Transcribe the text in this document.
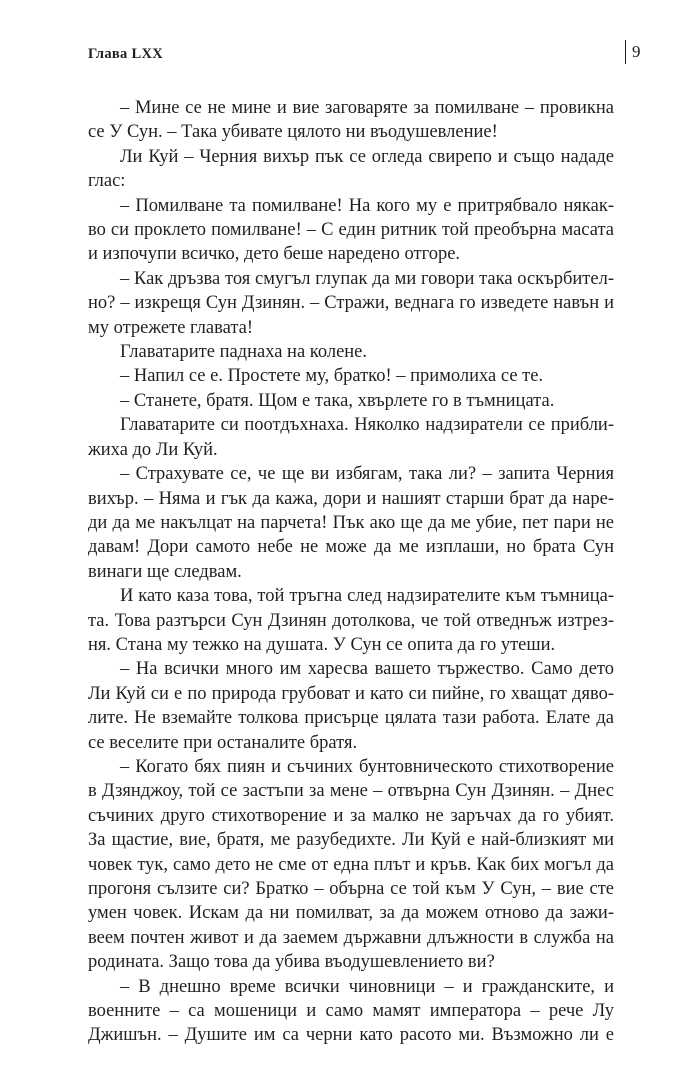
Глава LXX	9
– Мине се не мине и вие заговаряте за помилване – провикна
се У Сун. – Така убивате цялото ни въодушевление!
Ли Куй – Черния вихър пък се огледа свирепо и също нададе
глас:
– Помилване та помилване! На кого му е притрябвало някак-
во си проклето помилване! – С един ритник той преобърна масата
и изпочупи всичко, дето беше наредено отгоре.
– Как дръзва тоя смугъл глупак да ми говори така оскърбител-
но? – изкрещя Сун Дзинян. – Стражи, веднага го изведете навън и
му отрежете главата!
Главатарите паднаха на колене.
– Напил се е. Простете му, братко! – примолиха се те.
– Станете, братя. Щом е така, хвърлете го в тъмницата.
Главатарите си поотдъхнаха. Няколко надзиратели се прибли-
жиха до Ли Куй.
– Страхувате се, че ще ви избягам, така ли? – запита Черния
вихър. – Няма и гък да кажа, дори и нашият старши брат да наре-
ди да ме накълцат на парчета! Пък ако ще да ме убие, пет пари не
давам! Дори самото небе не може да ме изплаши, но брата Сун
винаги ще следвам.
И като каза това, той тръгна след надзирателите към тъмница-
та. Това разтърси Сун Дзинян дотолкова, че той отведнъж изтрез-
ня. Стана му тежко на душата. У Сун се опита да го утеши.
– На всички много им харесва вашето тържество. Само дето
Ли Куй си е по природа грубоват и като си пийне, го хващат дяво-
лите. Не вземайте толкова присърце цялата тази работа. Елате да
се веселите при останалите братя.
– Когато бях пиян и съчиних бунтовническото стихотворение
в Дзянджоу, той се застъпи за мене – отвърна Сун Дзинян. – Днес
съчиних друго стихотворение и за малко не заръчах да го убият.
За щастие, вие, братя, ме разубедихте. Ли Куй е най-близкият ми
човек тук, само дето не сме от една плът и кръв. Как бих могъл да
прогоня сълзите си? Братко – обърна се той към У Сун, – вие сте
умен човек. Искам да ни помилват, за да можем отново да зажи-
веем почтен живот и да заемем държавни длъжности в служба на
родината. Защо това да убива въодушевлението ви?
– В днешно време всички чиновници – и гражданските, и
военните – са мошеници и само мамят императора – рече Лу
Джишън. – Душите им са черни като расото ми. Възможно ли е
